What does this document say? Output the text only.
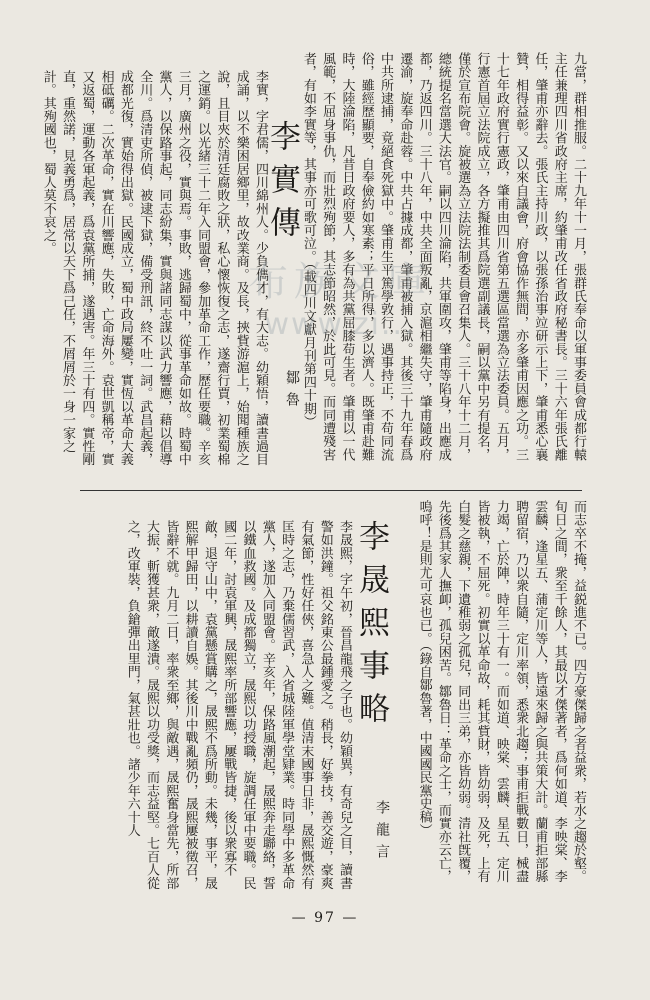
九當，群相推服。二十九年十一月，張群氏奉命以軍事委員會成都行轅主任兼理四川省政府主席，約肇甫改任省政府秘書長。三十六年張氏離任，肇甫亦辭去。張氏主持川政，以張孫治事竝研示上下，肇甫悉心襄贊，相得益彰。又以來自議會，府會協作無間，亦多肇甫因應之功。三十七年政府實行憲政，肇甫由四川省第五選區當選為立法委員。五月，行憲首屆立法院成立，各方擬推其爲院選副議長，嗣以黨中另有提名，僅於宣布院會。旋被選為立法院法制委員會召集人。三十八年十二月，總統提名當選大法官。嗣以四川淪陷，共軍圍攻，肇甫等陷身，出應成都，乃返四川。三十八年，中共全面叛亂，京滬相繼失守，肇甫隨政府遷渝，旋奉命赴蓉。中共占據成都，肇甫被捕入獄。其後三十九年春爲中共所逮捕，竟絕食死獄中。肇甫生平篤學敦行，遇事持正，不苟同流俗，雖經歷顯要，自奉儉約如寒素；平日所得，多以濟人。既肇甫赴難時，大陸淪陷，凡昔日政府要人，多有為共黨屈膝苟生者。肇甫以一代風範，不屈身事仇，而壯烈殉節，其志節昭然，於此可見。而同遭殘害者，有如李實等，其事亦可歌可泣。（載四川文獻月刊第四十期）
李實傳
鄒魯
李實，字君儒，四川綿州人。少負儁才，有大志。幼穎悟，讀書過目成誦，以不樂困居鄉里，故改業商。及長，挾貲游滬上，始聞種族之說，且目夾於清廷腐敗之狀，私心懷恢復之志，遂齋行賈，初業蜀棉之運銷。以光緒三十二年入同盟會，參加革命工作，歷任要職。辛亥三月，廣州之役，實與焉。事敗，逃歸蜀中，從事革命如故。時蜀中黨人，以保路事起，同志紛集，實與諸同志謀以武力響應，藉以倡導全川。爲清吏所偵，被逮下獄，備受刑訊，終不吐一詞。武昌起義，成都光復，實始得出獄。民國成立，蜀中政局屢變，實恆以革命大義相砥礪。二次革命，實在川響應，失敗，亡命海外。袁世凱稱帝，實又返蜀，運動各軍起義，爲袁黨所捕，遂遇害。年三十有四。實性剛直，重然諾，見義勇爲，居常以天下爲己任，不屑屑於一身一家之計。其殉國也，蜀人莫不哀之。
而志卒不掩，益鋭進不已。四方豪傑歸之者益衆，若水之趨於壑。旬日之間，衆至千餘人，其最以才傑著者，爲何如道、李映棠、李雲麟、逢星五、蒲定川等人，皆遠來歸之與共策大計。蘭甫拒部縣聘留宿，乃以衆自隨，定川率領，悉衆北趨；事甫拒戰數日，械盡力竭，亡於陣，時年三十有一。而如道、映棠、雲麟、星五、定川皆被執，不屈死。初實以革命故，耗其貲財，皆幼弱，及死，上有白髮之慈親，下遺稚弱之孤兒，同出三弟，亦皆幼弱。清社旣覆，先後爲其家人撫卹，孤兒困苦。鄒魯日：革命之士，而實亦云亡，嗚呼！是則尤可哀也已。（錄自鄒魯著，中國國民黨史稿）
李晟熙事略
李龍言
李晟熙，字午初，晉昌龍飛之子也。幼穎異，有奇兒之目，讀書警如洪鐘。祖父銘東公最鍾愛之。稍長，好拳技，善交遊，豪爽有氣節，性好任俠，喜急人之難。值清末國事日非，晟熙慨然有匡時之志，乃棄儒習武，入省城陸軍學堂肄業。時同學中多革命黨人，遂加入同盟會。辛亥年，保路風潮起，晟熙奔走聯絡，誓以鐵血救國。及成都獨立，晟熙以功授職，旋調任軍中要職。民國二年，討袁軍興，晟熙率所部響應，屢戰皆捷，後以衆寡不敵，退守山中，袁黨懸賞購之，晟熙不爲所動。未幾，事平，晟熙解甲歸田，以耕讀自娛。其後川中戰亂頻仍，晟熙屢被徵召，皆辭不就。九月二日，率衆至鄉，與敵遇，晟熙奮身當先，所部大振，斬獲甚衆，敵遂潰。晟熙以功受獎，而志益堅。七百人從之，改軍裝，負鎗彈出里門，氣甚壯也。諸少年六十人
— 97 —
布族文庫
www.zi...
